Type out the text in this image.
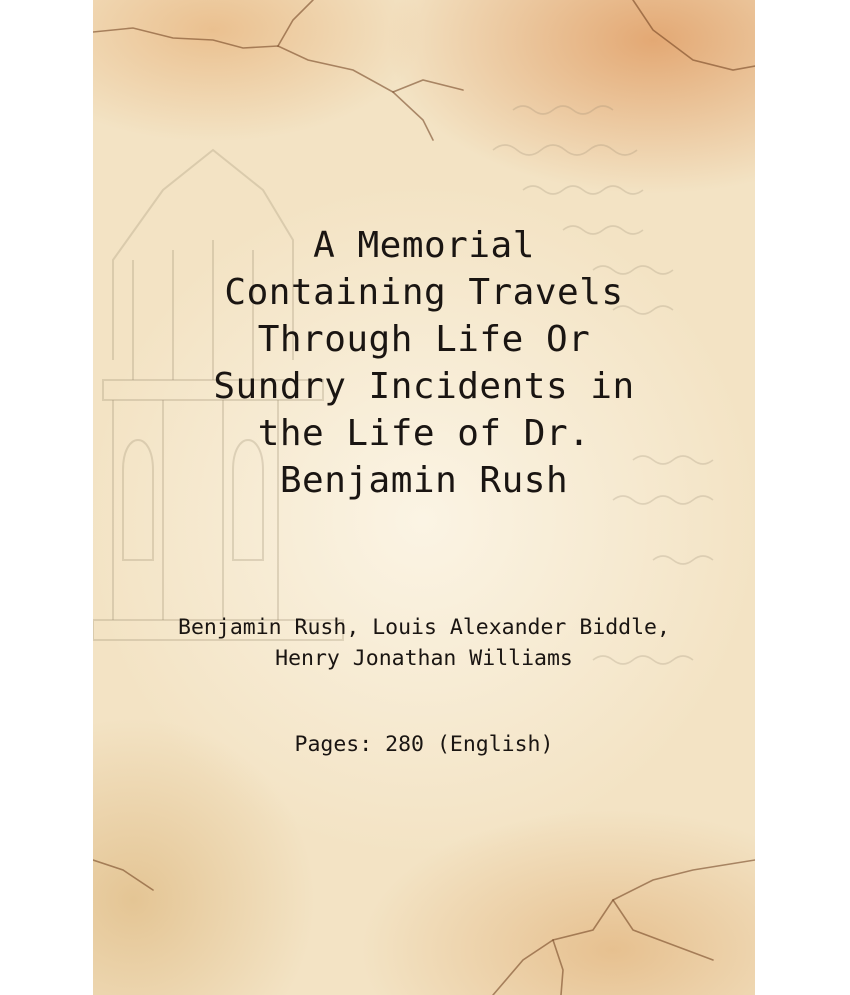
A Memorial
Containing Travels
Through Life Or
Sundry Incidents in
the Life of Dr.
Benjamin Rush
Benjamin Rush, Louis Alexander Biddle,
Henry Jonathan Williams
Pages: 280 (English)
